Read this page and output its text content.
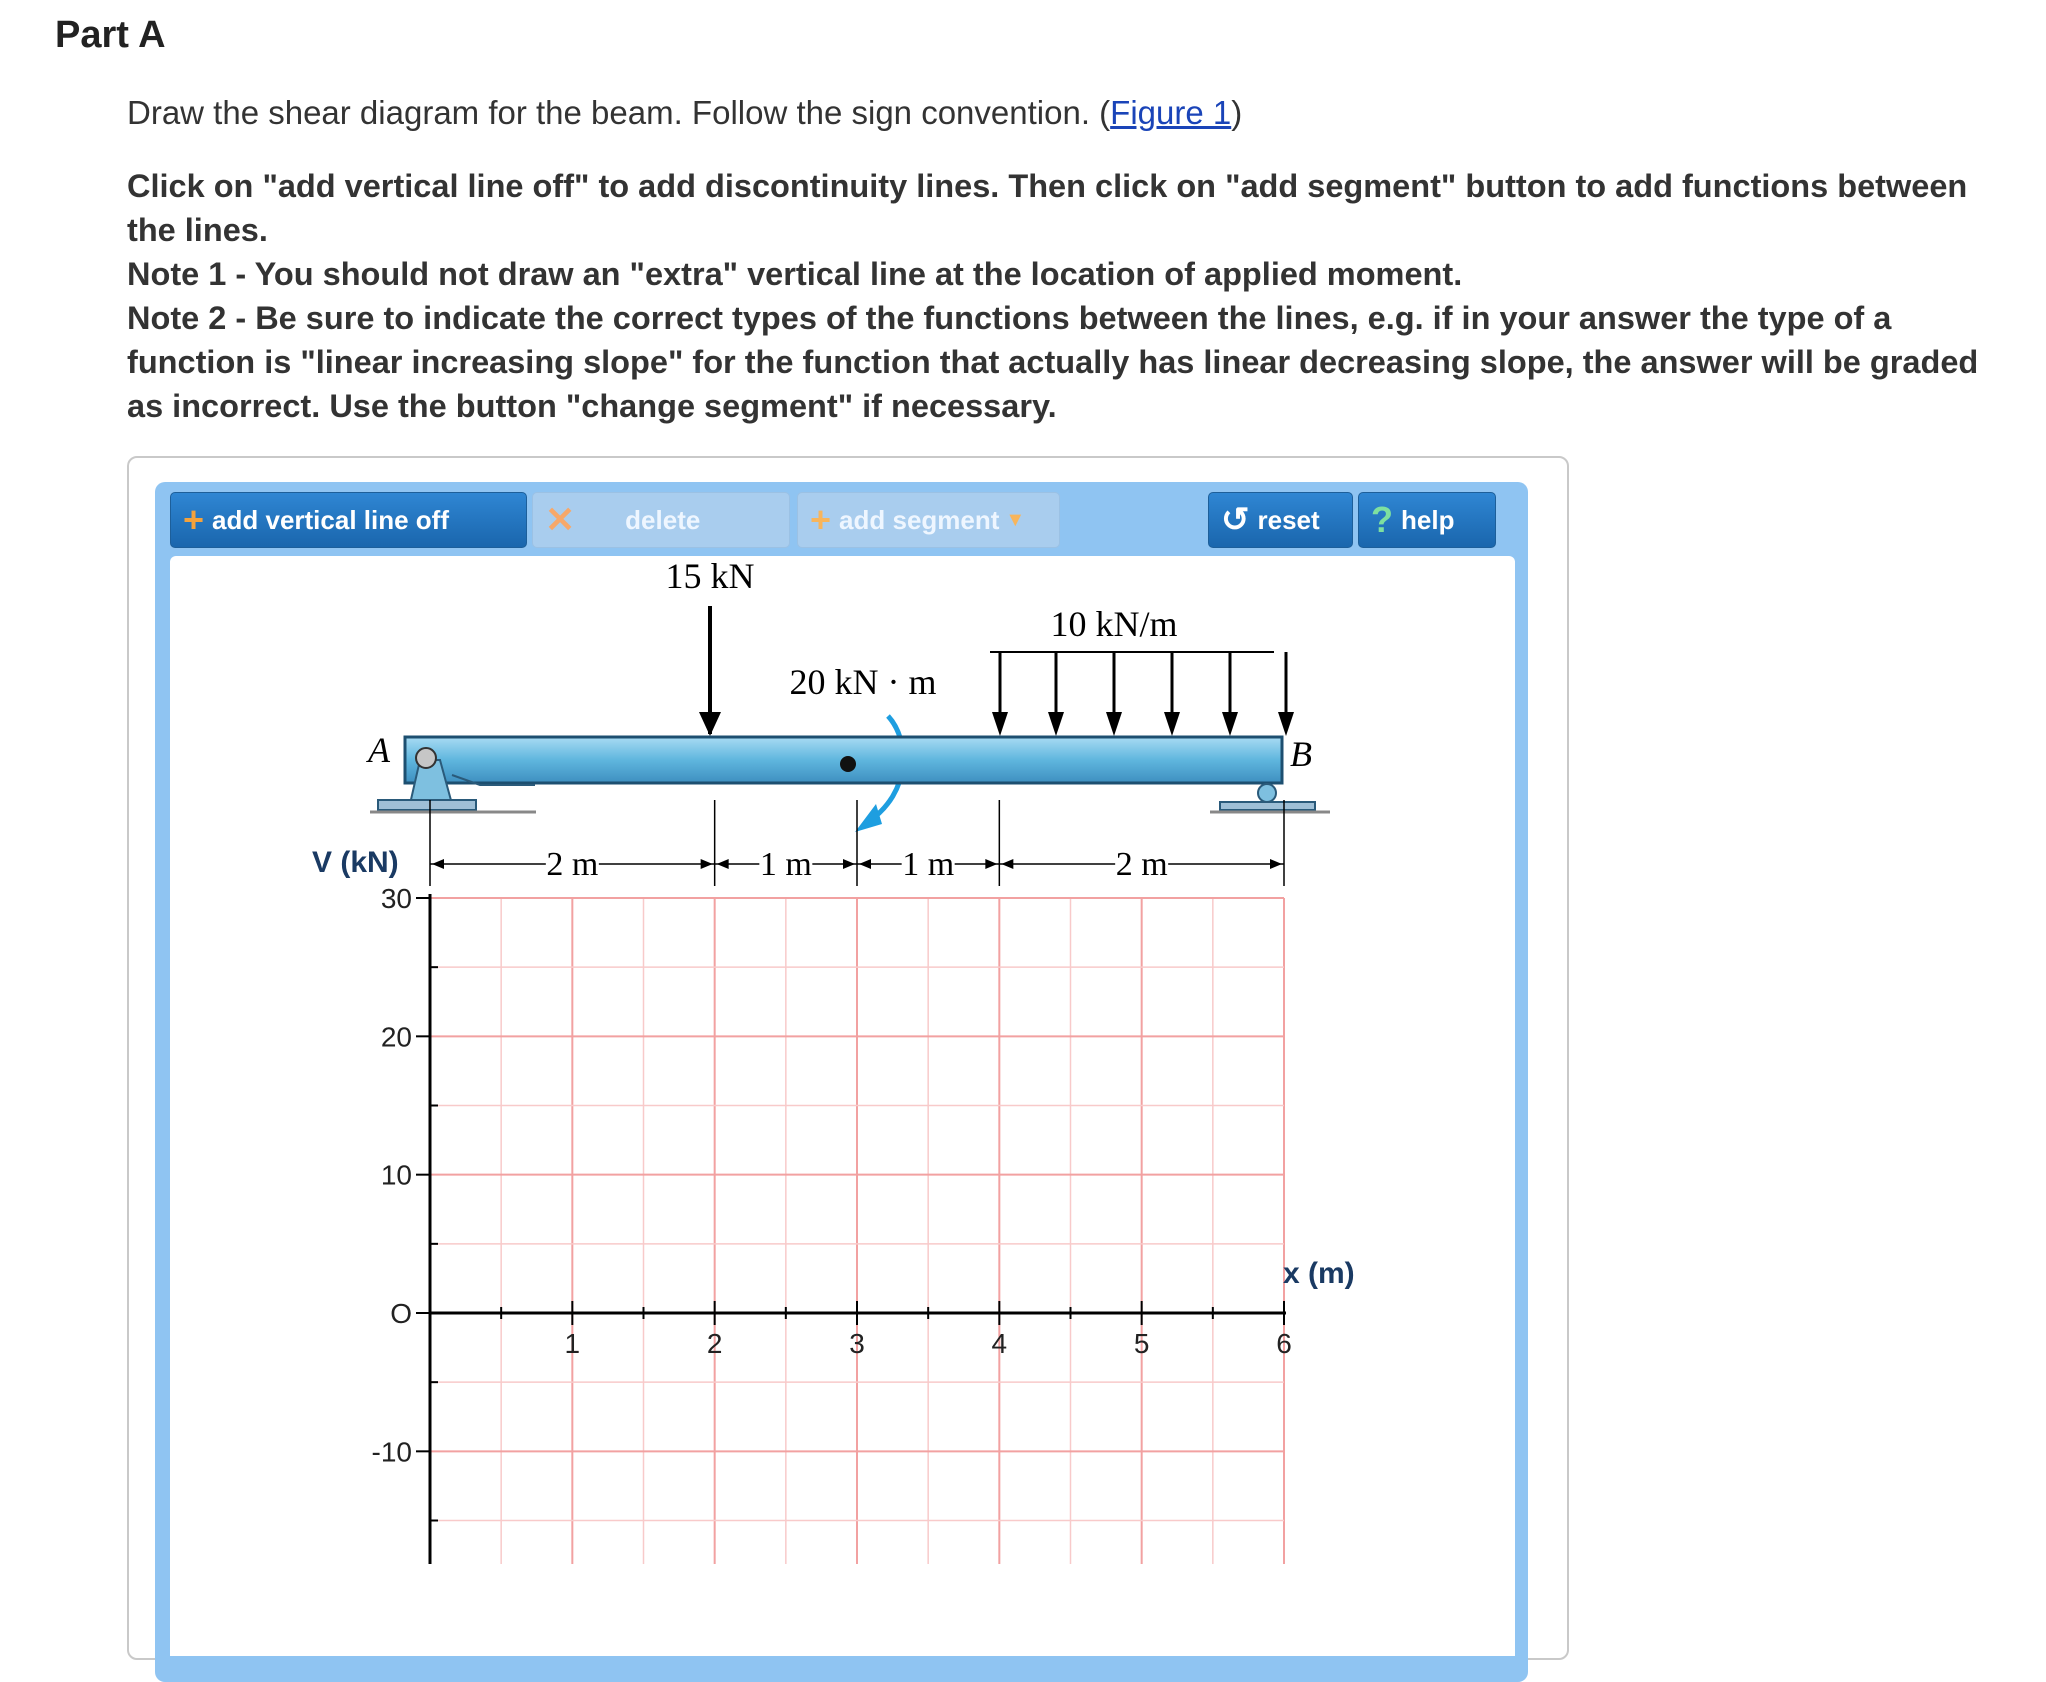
Part A
Draw the shear diagram for the beam. Follow the sign convention. (Figure 1)

Click on "add vertical line off" to add discontinuity lines. Then click on "add segment" button to add functions between the lines.

Note 1 - You should not draw an "extra" vertical line at the location of applied moment.

Note 2 - Be sure to indicate the correct types of the functions between the lines, e.g. if in your answer the type of a function is "linear increasing slope" for the function that actually has linear decreasing slope, the answer will be graded as incorrect. Use the button "change segment" if necessary.

+ add vertical line off	✕ delete	+ add segment ▼	↺ reset ? help
1	2	3	4	5	6
30
20
10
O
-10
V (kN)
x (m)
15 kN
10 kN/m
20 kN · m
A	B
2 m	1 m	1 m	2 m
